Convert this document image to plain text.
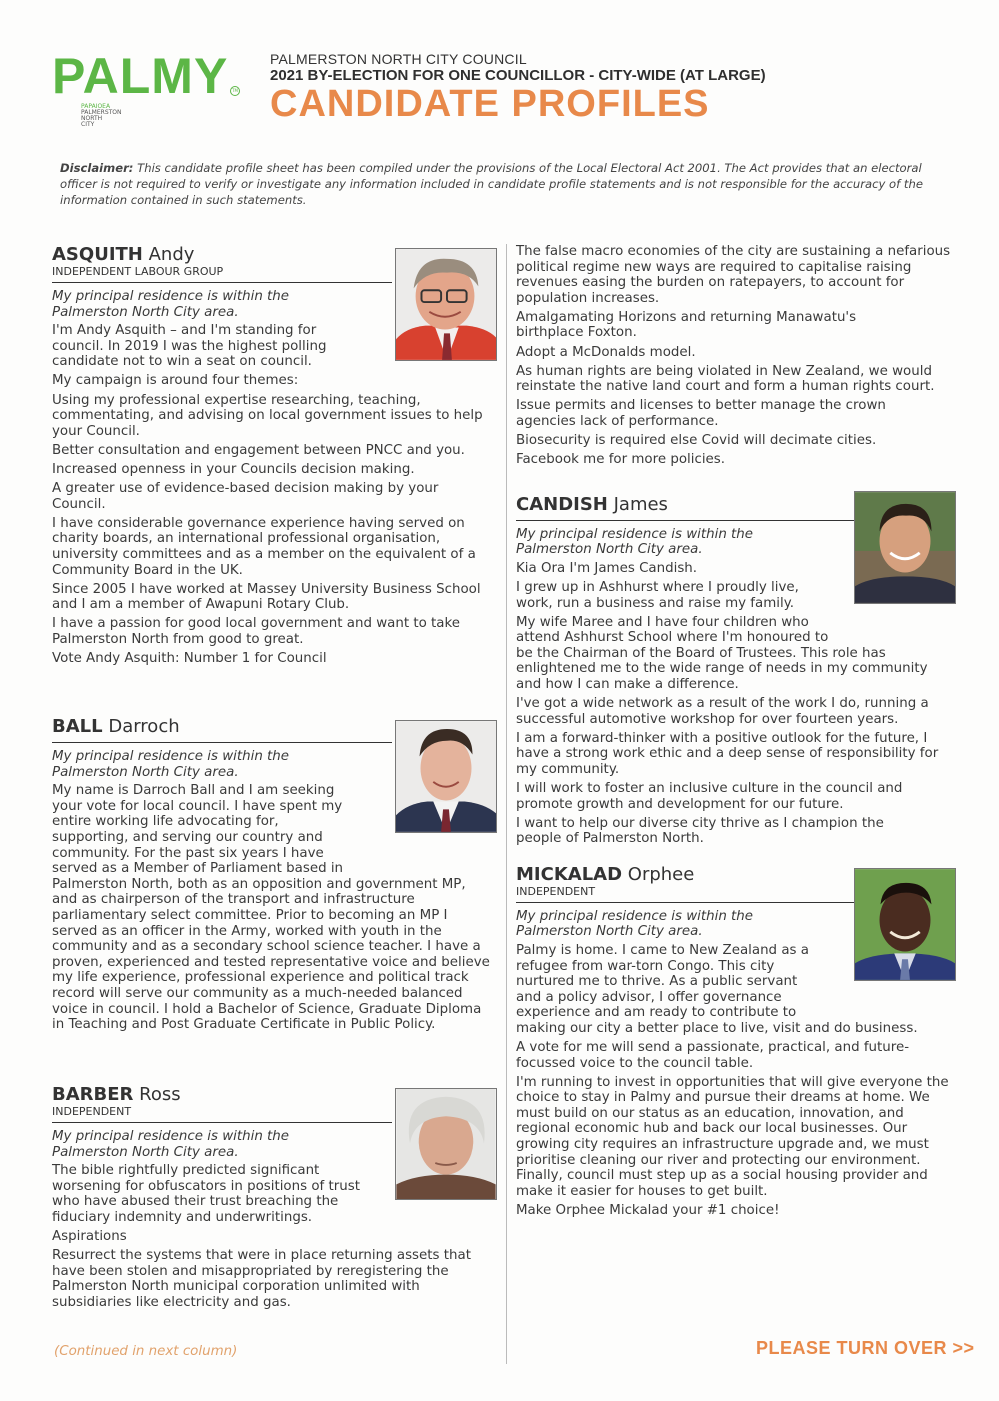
PALMY TM
PAPAIOEA
PALMERSTON
NORTH
CITY
PALMERSTON NORTH CITY COUNCIL
2021 BY-ELECTION FOR ONE COUNCILLOR - CITY-WIDE (AT LARGE)
CANDIDATE PROFILES
Disclaimer: This candidate profile sheet has been compiled under the provisions of the Local Electoral Act 2001. The Act provides that an electoral officer is not required to verify or investigate any information included in candidate profile statements and is not responsible for the accuracy of the information contained in such statements.
ASQUITH Andy
INDEPENDENT LABOUR GROUP
My principal residence is within the Palmerston North City area.
I'm Andy Asquith – and I'm standing for council. In 2019 I was the highest polling candidate not to win a seat on council.
My campaign is around four themes:
Using my professional expertise researching, teaching, commentating, and advising on local government issues to help your Council.
Better consultation and engagement between PNCC and you.
Increased openness in your Councils decision making.
A greater use of evidence-based decision making by your Council.
I have considerable governance experience having served on charity boards, an international professional organisation, university committees and as a member on the equivalent of a Community Board in the UK.
Since 2005 I have worked at Massey University Business School and I am a member of Awapuni Rotary Club.
I have a passion for good local government and want to take Palmerston North from good to great.
Vote Andy Asquith: Number 1 for Council
BALL Darroch
My principal residence is within the Palmerston North City area.
My name is Darroch Ball and I am seeking your vote for local council. I have spent my entire working life advocating for, supporting, and serving our country and community. For the past six years I have served as a Member of Parliament based in Palmerston North, both as an opposition and government MP, and as chairperson of the transport and infrastructure parliamentary select committee. Prior to becoming an MP I served as an officer in the Army, worked with youth in the community and as a secondary school science teacher. I have a proven, experienced and tested representative voice and believe my life experience, professional experience and political track record will serve our community as a much-needed balanced voice in council. I hold a Bachelor of Science, Graduate Diploma in Teaching and Post Graduate Certificate in Public Policy.
BARBER Ross
INDEPENDENT
My principal residence is within the Palmerston North City area.
The bible rightfully predicted significant worsening for obfuscators in positions of trust who have abused their trust breaching the fiduciary indemnity and underwritings.
Aspirations
Resurrect the systems that were in place returning assets that have been stolen and misappropriated by reregistering the Palmerston North municipal corporation unlimited with subsidiaries like electricity and gas.
The false macro economies of the city are sustaining a nefarious political regime new ways are required to capitalise raising revenues easing the burden on ratepayers, to account for population increases.
Amalgamating Horizons and returning Manawatu's birthplace Foxton.
Adopt a McDonalds model.
As human rights are being violated in New Zealand, we would reinstate the native land court and form a human rights court.
Issue permits and licenses to better manage the crown agencies lack of performance.
Biosecurity is required else Covid will decimate cities.
Facebook me for more policies.
CANDISH James
My principal residence is within the Palmerston North City area.
Kia Ora I'm James Candish.
I grew up in Ashhurst where I proudly live, work, run a business and raise my family.
My wife Maree and I have four children who attend Ashhurst School where I'm honoured to be the Chairman of the Board of Trustees. This role has enlightened me to the wide range of needs in my community and how I can make a difference.
I've got a wide network as a result of the work I do, running a successful automotive workshop for over fourteen years.
I am a forward-thinker with a positive outlook for the future, I have a strong work ethic and a deep sense of responsibility for my community.
I will work to foster an inclusive culture in the council and promote growth and development for our future.
I want to help our diverse city thrive as I champion the people of Palmerston North.
MICKALAD Orphee
INDEPENDENT
My principal residence is within the Palmerston North City area.
Palmy is home. I came to New Zealand as a refugee from war-torn Congo. This city nurtured me to thrive. As a public servant and a policy advisor, I offer governance experience and am ready to contribute to making our city a better place to live, visit and do business.
A vote for me will send a passionate, practical, and future-focussed voice to the council table.
I'm running to invest in opportunities that will give everyone the choice to stay in Palmy and pursue their dreams at home. We must build on our status as an education, innovation, and regional economic hub and back our local businesses. Our growing city requires an infrastructure upgrade and, we must prioritise cleaning our river and protecting our environment. Finally, council must step up as a social housing provider and make it easier for houses to get built.
Make Orphee Mickalad your #1 choice!
(Continued in next column)	PLEASE TURN OVER >>
